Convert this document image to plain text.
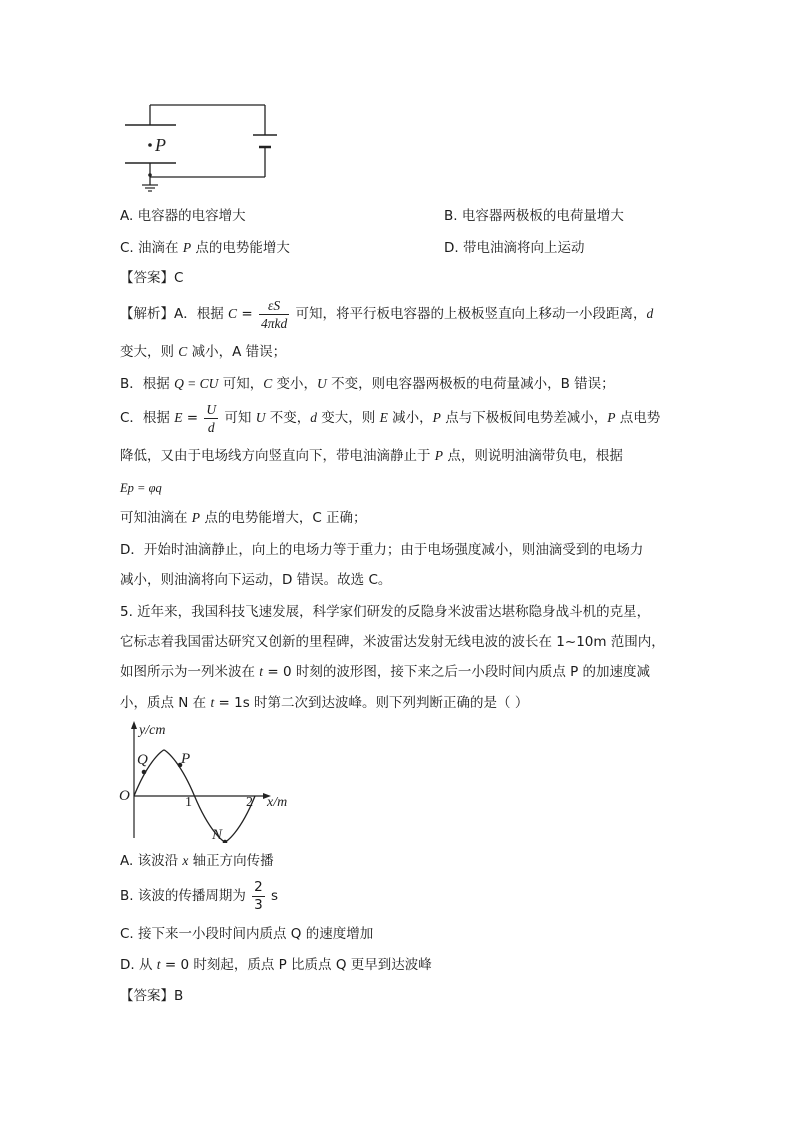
P
A. 电容器的电容增大	B. 电容器两极板的电荷量增大
C. 油滴在 P 点的电势能增大	D. 带电油滴将向上运动
【答案】C
【解析】A．根据 $C = \frac{\varepsilon S}{\text{4πkd}}$ 可知，将平行板电容器的上极板竖直向上移动一小段距离，d
变大，则 C 减小，A 错误；
B．根据 Q = CU 可知，C 变小，U 不变，则电容器两极板的电荷量减小，B 错误；
C．根据 $E = \frac{U}{d}$ 可知 U 不变，d 变大，则 E 减小，P 点与下极板间电势差减小，P 点电势
降低，又由于电场线方向竖直向下，带电油滴静止于 P 点，则说明油滴带负电，根据
Ep = φq
可知油滴在 P 点的电势能增大，C 正确；
D．开始时油滴静止，向上的电场力等于重力；由于电场强度减小，则油滴受到的电场力
减小，则油滴将向下运动，D 错误。故选 C。
5. 近年来，我国科技飞速发展，科学家们研发的反隐身米波雷达堪称隐身战斗机的克星，
它标志着我国雷达研究又创新的里程碑，米波雷达发射无线电波的波长在 1~10m 范围内，
如图所示为一列米波在 t = 0 时刻的波形图，接下来之后一小段时间内质点 P 的加速度减
小，质点 N 在 t = 1s 时第二次到达波峰。则下列判断正确的是（ ）
y/cm
x/m
O	1	2
Q P
N
A. 该波沿 x 轴正方向传播
B. 该波的传播周期为 $\frac{2}{3}$ s
C. 接下来一小段时间内质点 Q 的速度增加
D. 从 t = 0 时刻起，质点 P 比质点 Q 更早到达波峰
【答案】B
